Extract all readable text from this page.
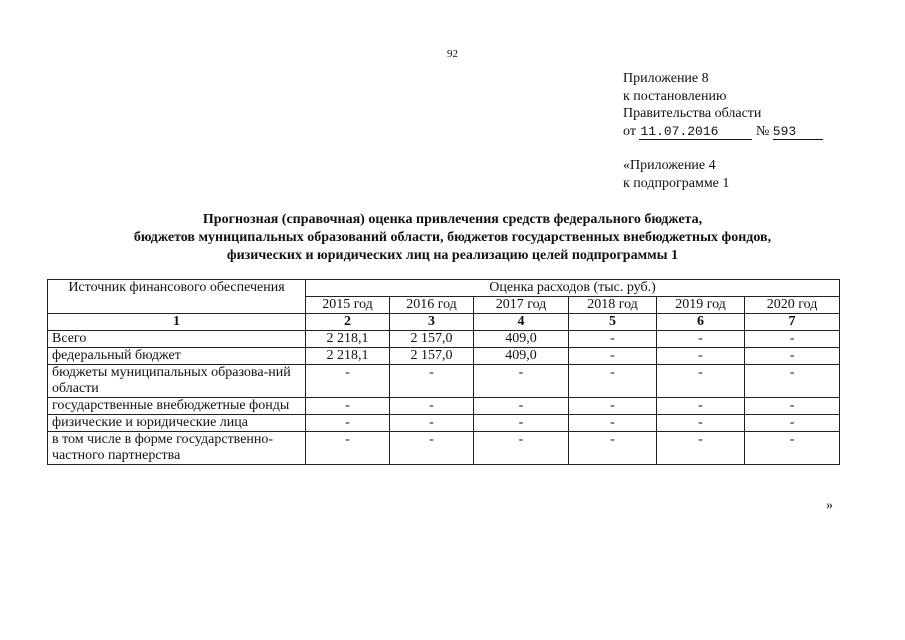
92
Приложение 8
к постановлению
Правительства области
от 11.07.2016	№ 593
«Приложение 4
к подпрограмме 1
Прогнозная (справочная) оценка привлечения средств федерального бюджета,
бюджетов муниципальных образований области, бюджетов государственных внебюджетных фондов,
физических и юридических лиц на реализацию целей подпрограммы 1
Источник финансового обеспечения	Оценка расходов (тыс. руб.)					
	2015 год	2016 год	2017 год	2018 год	2019 год	2020 год
1	2	3	4	5	6	7
Всего	2 218,1	2 157,0	409,0	-	-	-
федеральный бюджет	2 218,1	2 157,0	409,0	-	-	-
бюджеты муниципальных образова-ний области	-	-	-	-	-	-
государственные внебюджетные фонды	-	-	-	-	-	-
физические и юридические лица	-	-	-	-	-	-
в том числе в форме государственно-частного партнерства	-	-	-	-	-	-
»
